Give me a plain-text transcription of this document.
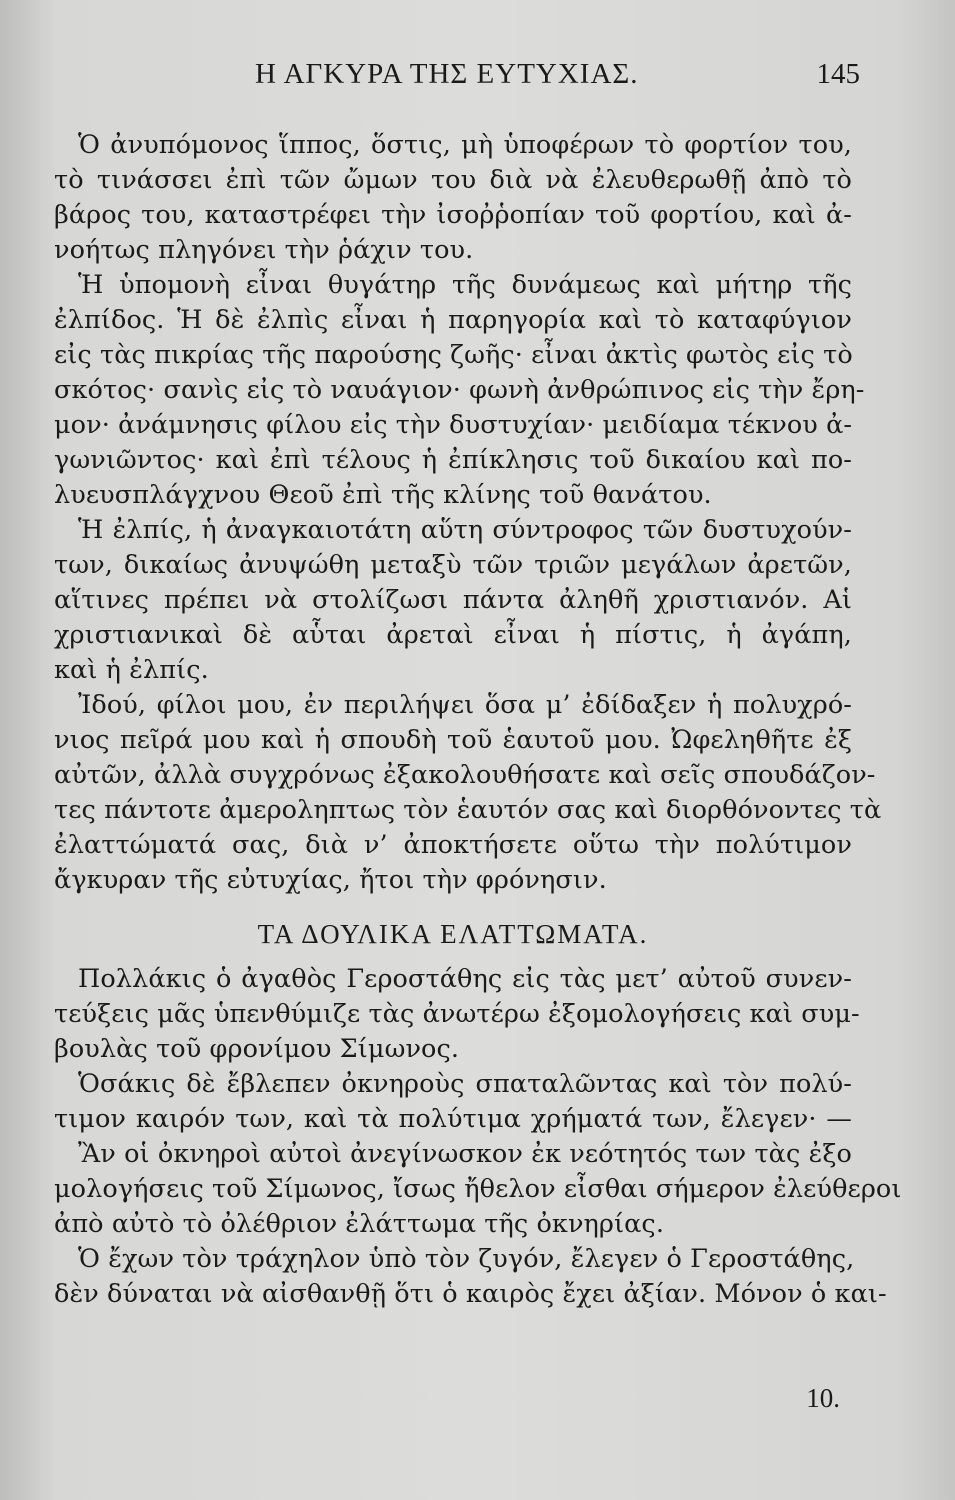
Η ΑΓΚΥΡΑ ΤΗΣ ΕΥΤΥΧΙΑΣ.	145
Ὁ ἀνυπόμονος ἵππος, ὅστις, μὴ ὑποφέρων τὸ φορτίον του,
τὸ τινάσσει ἐπὶ τῶν ὤμων του διὰ νὰ ἐλευθερωθῇ ἀπὸ τὸ
βάρος του, καταστρέφει τὴν ἰσοῤῥοπίαν τοῦ φορτίου, καὶ ἀ-
νοήτως πληγόνει τὴν ῥάχιν του.
Ἡ ὑπομονὴ εἶναι θυγάτηρ τῆς δυνάμεως καὶ μήτηρ τῆς
ἐλπίδος. Ἡ δὲ ἐλπὶς εἶναι ἡ παρηγορία καὶ τὸ καταφύγιον
εἰς τὰς πικρίας τῆς παρούσης ζωῆς· εἶναι ἀκτὶς φωτὸς εἰς τὸ
σκότος· σανὶς εἰς τὸ ναυάγιον· φωνὴ ἀνθρώπινος εἰς τὴν ἔρη-
μον· ἀνάμνησις φίλου εἰς τὴν δυστυχίαν· μειδίαμα τέκνου ἀ-
γωνιῶντος· καὶ ἐπὶ τέλους ἡ ἐπίκλησις τοῦ δικαίου καὶ πο-
λυευσπλάγχνου Θεοῦ ἐπὶ τῆς κλίνης τοῦ θανάτου.
Ἡ ἐλπίς, ἡ ἀναγκαιοτάτη αὕτη σύντροφος τῶν δυστυχούν-
των, δικαίως ἀνυψώθη μεταξὺ τῶν τριῶν μεγάλων ἀρετῶν,
αἵτινες πρέπει νὰ στολίζωσι πάντα ἀληθῆ χριστιανόν. Αἱ
χριστιανικαὶ δὲ αὗται ἀρεταὶ εἶναι ἡ πίστις, ἡ ἀγάπη,
καὶ ἡ ἐλπίς.
Ἰδού, φίλοι μου, ἐν περιλήψει ὅσα μ’ ἐδίδαξεν ἡ πολυχρό-
νιος πεῖρά μου καὶ ἡ σπουδὴ τοῦ ἑαυτοῦ μου. Ὠφεληθῆτε ἐξ
αὐτῶν, ἀλλὰ συγχρόνως ἐξακολουθήσατε καὶ σεῖς σπουδάζον-
τες πάντοτε ἀμεροληπτως τὸν ἑαυτόν σας καὶ διορθόνοντες τὰ
ἐλαττώματά σας, διὰ ν’ ἀποκτήσετε οὕτω τὴν πολύτιμον
ἄγκυραν τῆς εὐτυχίας, ἤτοι τὴν φρόνησιν.
ΤΑ ΔΟΥΛΙΚΑ ΕΛΑΤΤΩΜΑΤΑ.
Πολλάκις ὁ ἀγαθὸς Γεροστάθης εἰς τὰς μετ’ αὐτοῦ συνεν-
τεύξεις μᾶς ὑπενθύμιζε τὰς ἀνωτέρω ἐξομολογήσεις καὶ συμ-
βουλὰς τοῦ φρονίμου Σίμωνος.
Ὁσάκις δὲ ἔβλεπεν ὀκνηροὺς σπαταλῶντας καὶ τὸν πολύ-
τιμον καιρόν των, καὶ τὰ πολύτιμα χρήματά των, ἔλεγεν· —
Ἂν οἱ ὀκνηροὶ αὐτοὶ ἀνεγίνωσκον ἐκ νεότητός των τὰς ἐξο
μολογήσεις τοῦ Σίμωνος, ἴσως ἤθελον εἶσθαι σήμερον ἐλεύθεροι
ἀπὸ αὐτὸ τὸ ὀλέθριον ἐλάττωμα τῆς ὀκνηρίας.
Ὁ ἔχων τὸν τράχηλον ὑπὸ τὸν ζυγόν, ἔλεγεν ὁ Γεροστάθης,
δὲν δύναται νὰ αἰσθανθῇ ὅτι ὁ καιρὸς ἔχει ἀξίαν. Μόνον ὁ και-
10.
